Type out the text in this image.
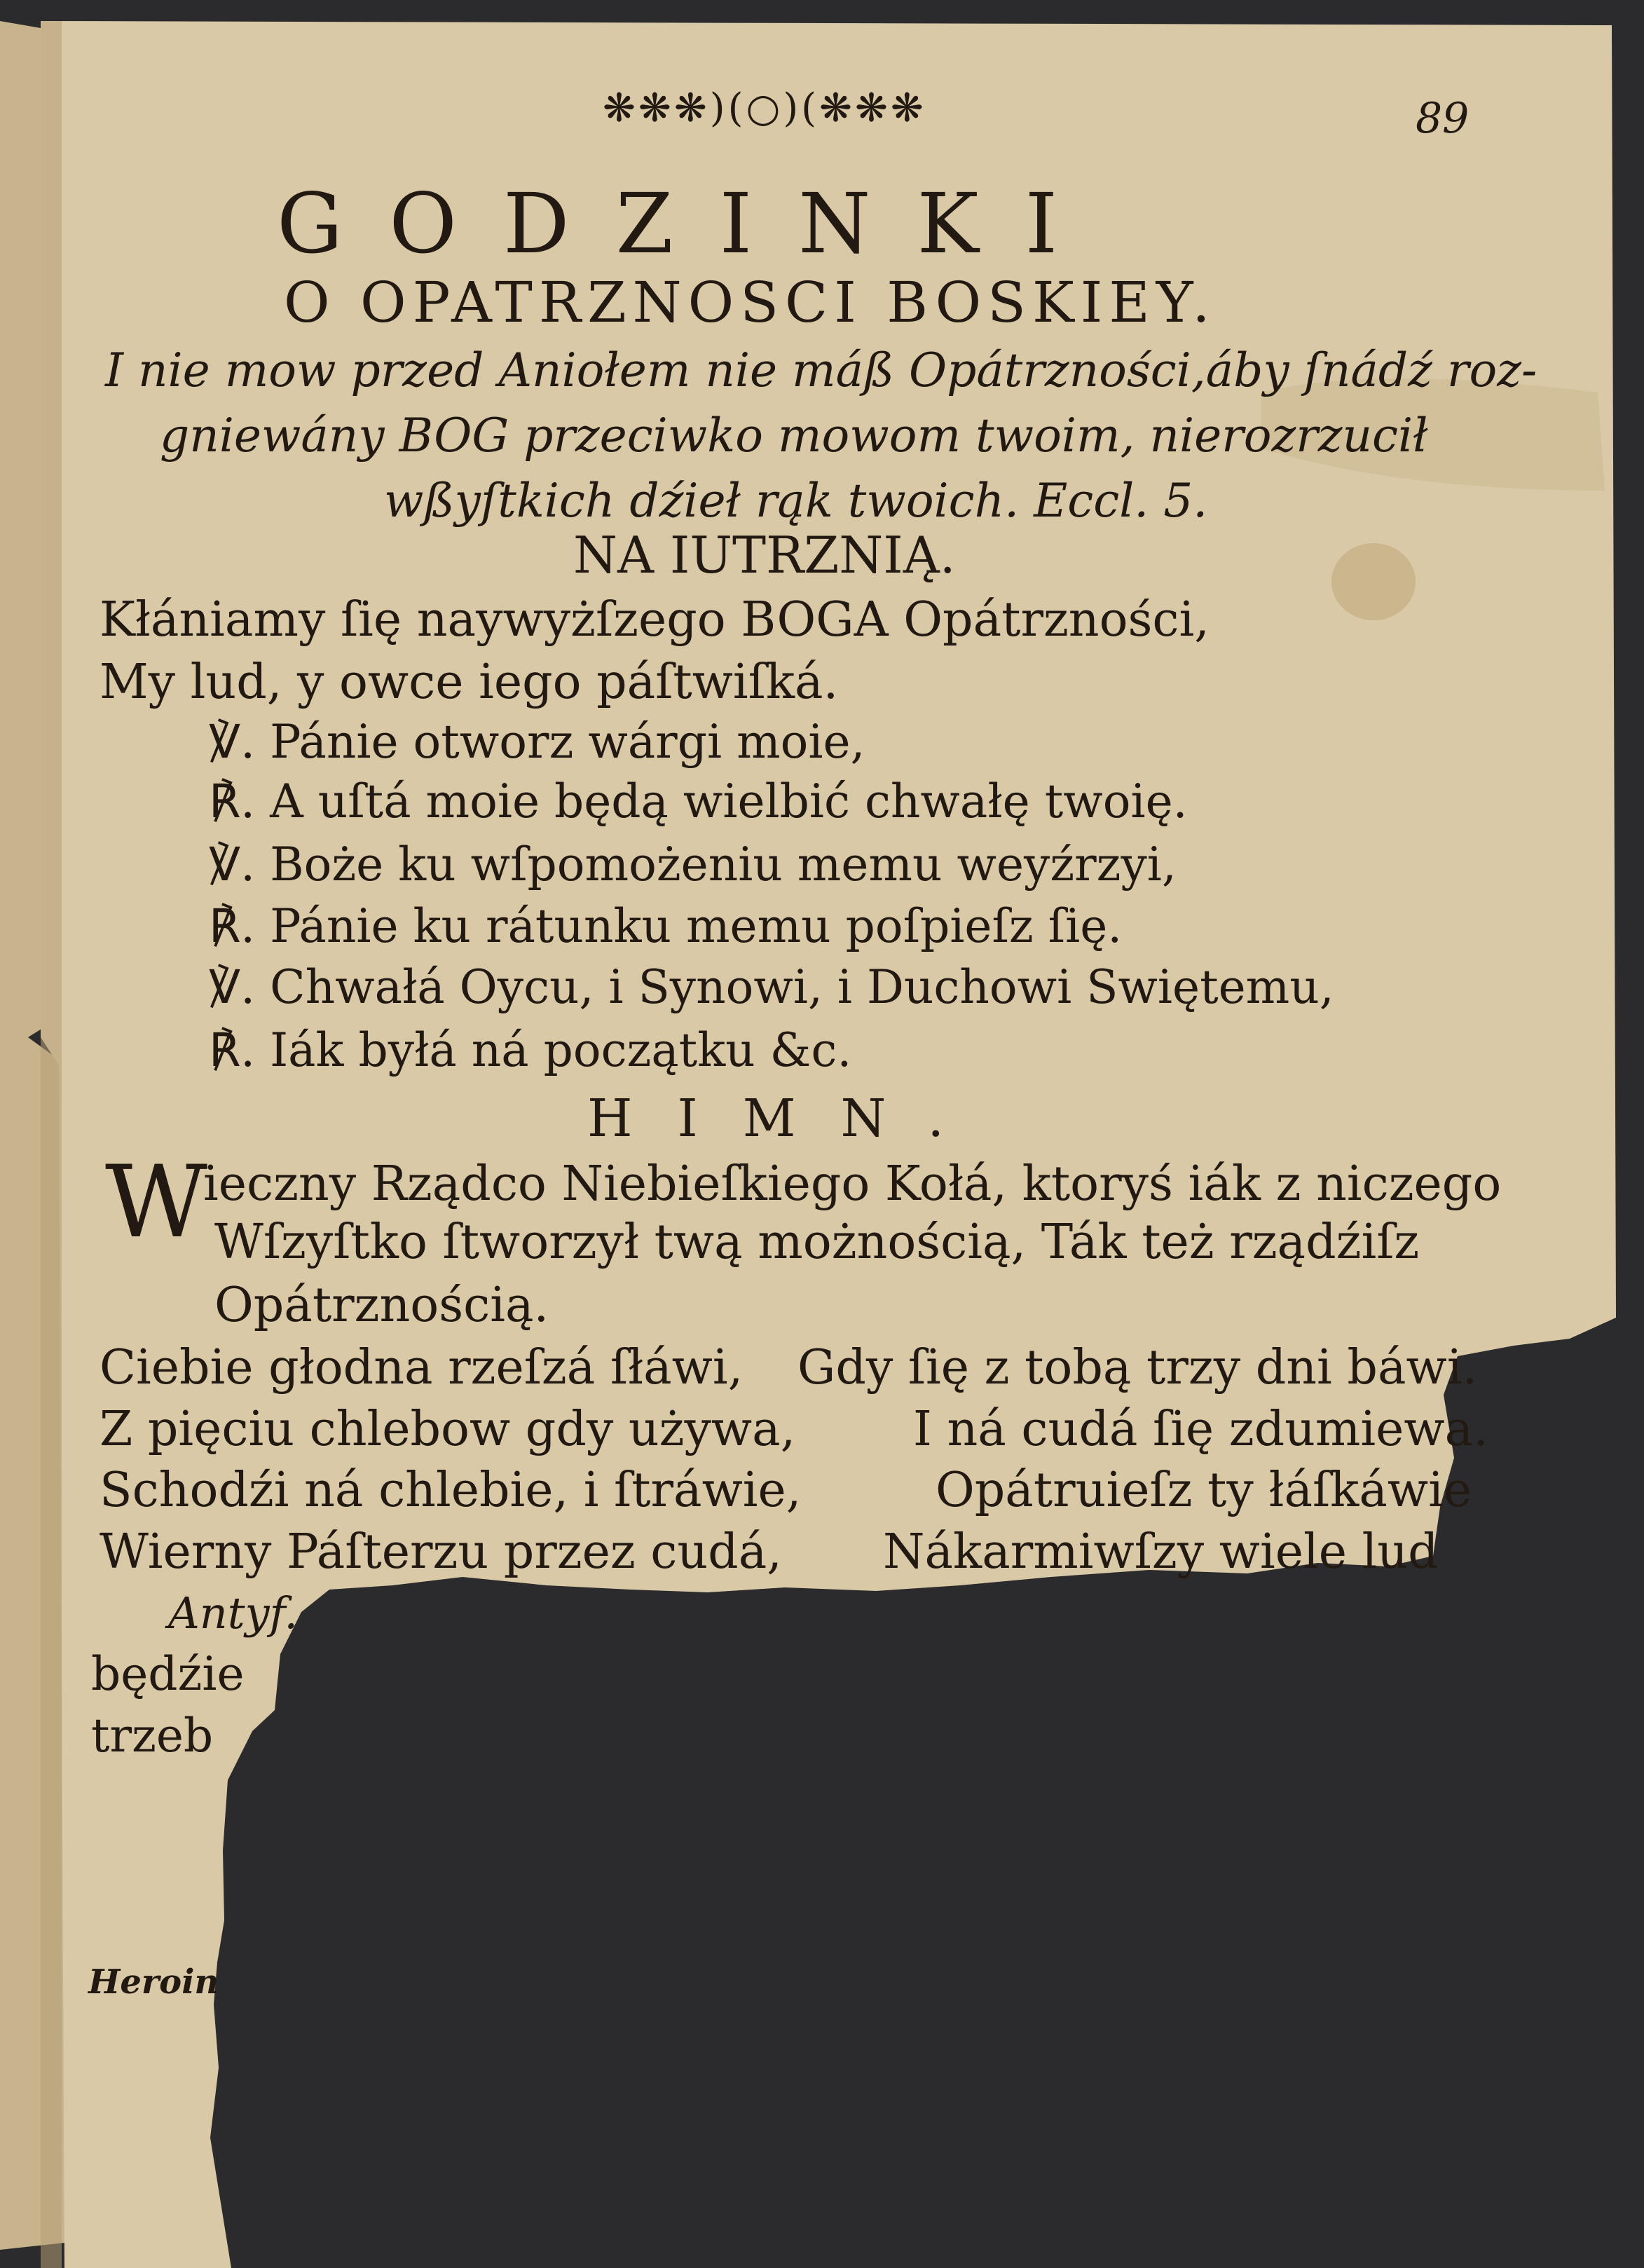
❋❋❋)(○)(❋❋❋	89
GODZINKI
O OPATRZNOSCI BOSKIEY.
I nie mow przed Aniołem nie máß Opátrzności,áby ſnádź roz-
gniewány BOG przeciwko mowom twoim, nierozrzucił
wßyſtkich dźieł rąk twoich. Eccl. 5.
NA IUTRZNIĄ.
Kłániamy ſię naywyżſzego BOGA Opátrzności,
My lud, y owce iego páſtwiſká.
℣. Pánie otworz wárgi moie,
℟. A uſtá moie będą wielbić chwałę twoię.
℣. Boże ku wſpomożeniu memu weyźrzyi,
℟. Pánie ku rátunku memu poſpieſz ſię.
℣. Chwałá Oycu, i Synowi, i Duchowi Swiętemu,
℟. Iák byłá ná początku &c.
HIMN.
W
ieczny Rządco Niebieſkiego Kołá, ktoryś iák z niczego
Wſzyſtko ſtworzył twą możnością, Ták też rządźiſz
Opátrznością.
Ciebie głodna rzeſzá ſłáwi,
Z pięciu chlebow gdy używa,
Schodźi ná chlebie, i ſtráwie,
Wierny Páſterzu przez cudá,
Gdy ſię z tobą trzy dni báwi.
I ná cudá ſię zdumiewa.
Opátruieſz ty łáſkáwie
Nákarmiwſzy wiele lud
Antyf.
będźie
trzeb
Heroin
